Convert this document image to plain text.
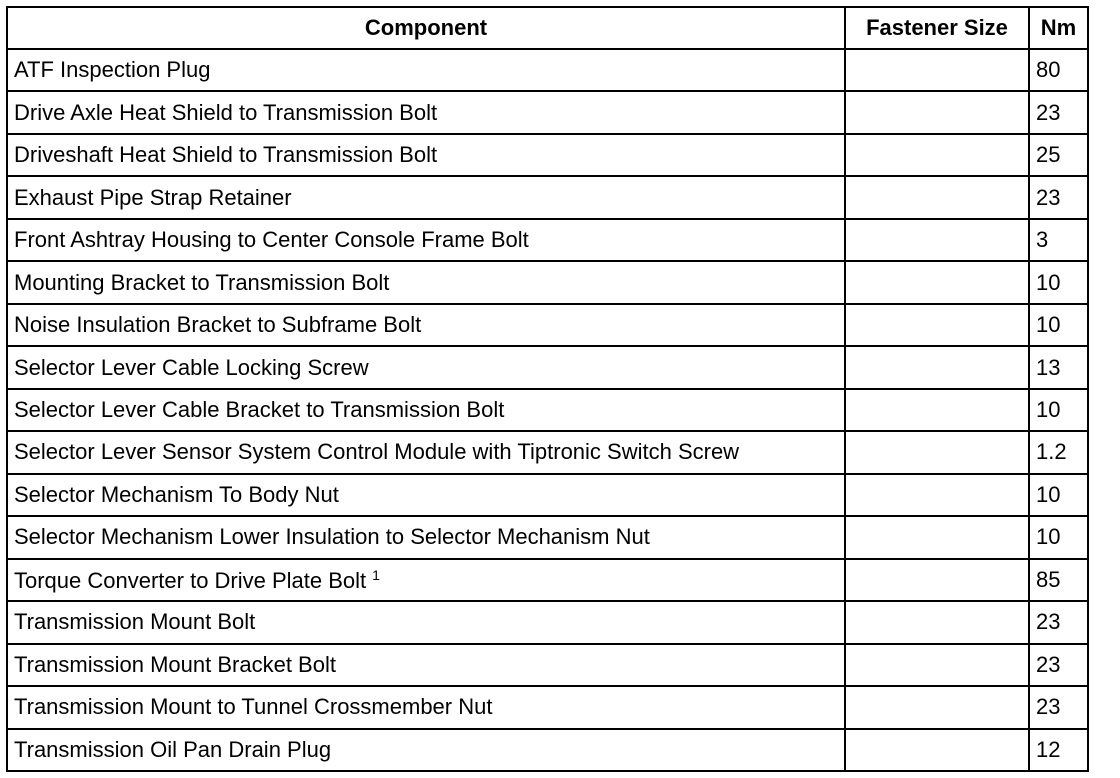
Component	Fastener Size	Nm
ATF Inspection Plug		80
Drive Axle Heat Shield to Transmission Bolt		23
Driveshaft Heat Shield to Transmission Bolt		25
Exhaust Pipe Strap Retainer		23
Front Ashtray Housing to Center Console Frame Bolt		3
Mounting Bracket to Transmission Bolt		10
Noise Insulation Bracket to Subframe Bolt		10
Selector Lever Cable Locking Screw		13
Selector Lever Cable Bracket to Transmission Bolt		10
Selector Lever Sensor System Control Module with Tiptronic Switch Screw		1.2
Selector Mechanism To Body Nut		10
Selector Mechanism Lower Insulation to Selector Mechanism Nut		10
Torque Converter to Drive Plate Bolt $^1$		85
Transmission Mount Bolt		23
Transmission Mount Bracket Bolt		23
Transmission Mount to Tunnel Crossmember Nut		23
Transmission Oil Pan Drain Plug		12
